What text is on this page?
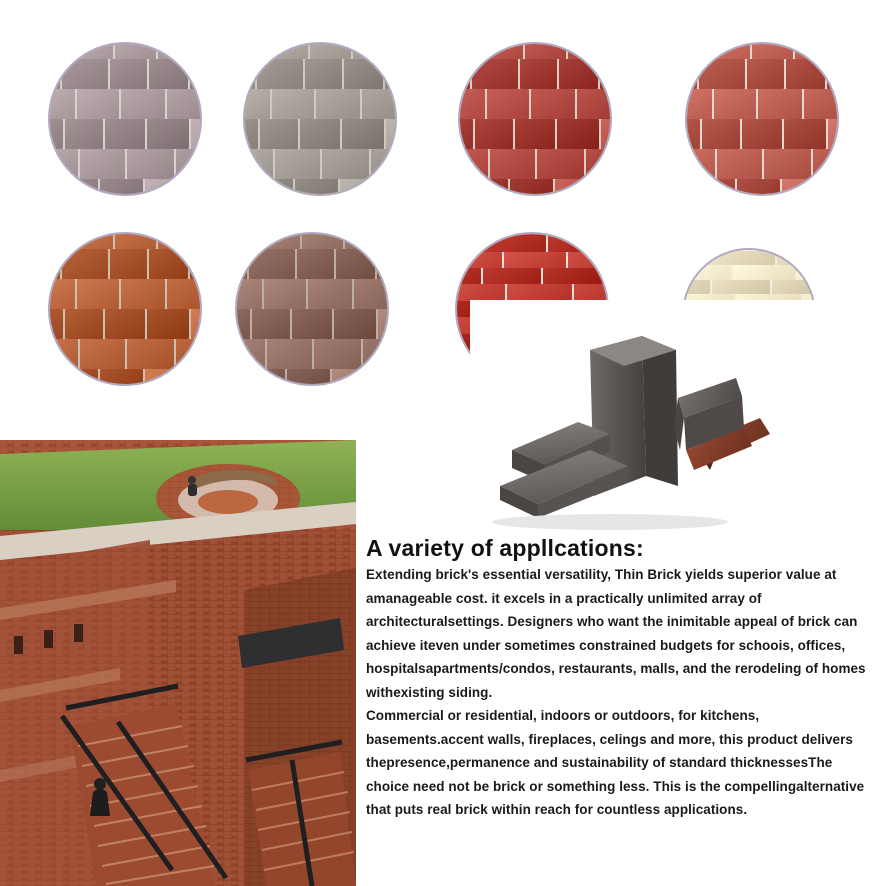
A variety of appllcations:

Extending brick's essential versatility, Thin Brick yields superior value at amanageable cost. it excels in a practically unlimited array of architecturalsettings. Designers who want the inimitable appeal of brick can achieve iteven under sometimes constrained budgets for schoois, offices, hospitalsapartments/condos, restaurants, malls, and the rerodeling of homes withexisting siding.

Commercial or residential, indoors or outdoors, for kitchens, basements.accent walls, fireplaces, celings and more, this product delivers thepresence,permanence and sustainability of standard thicknessesThe choice need not be brick or something less. This is the compellingalternative that puts real brick within reach for countless applications.
